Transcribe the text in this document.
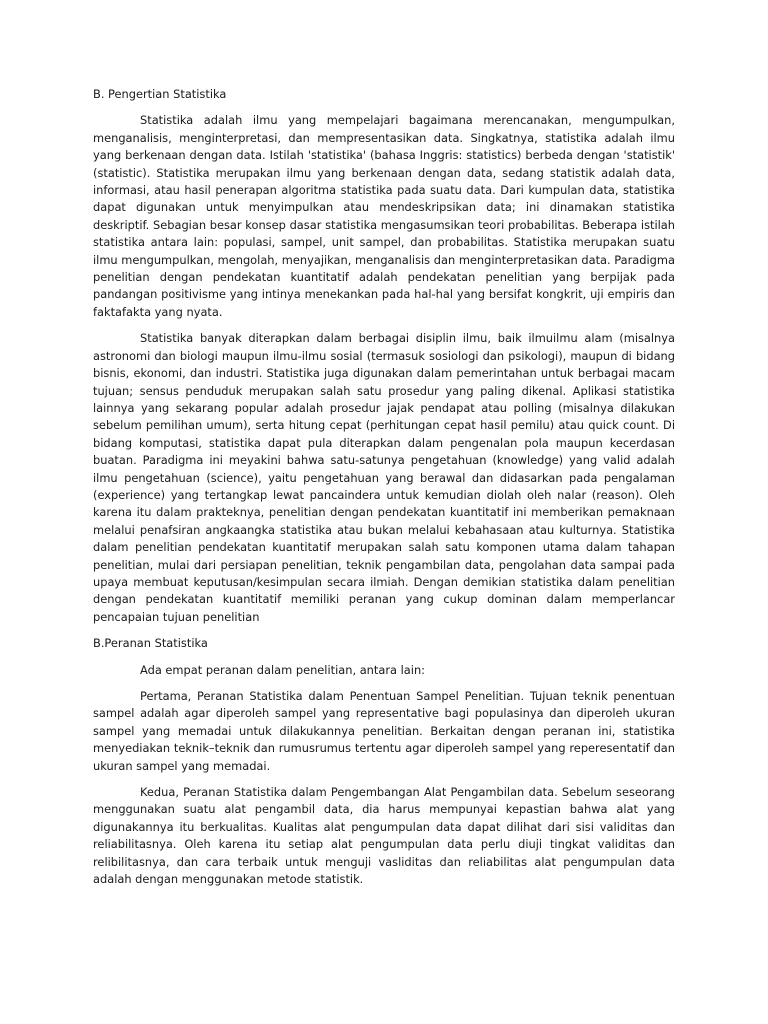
B. Pengertian Statistika

Statistika adalah ilmu yang mempelajari bagaimana merencanakan, mengumpulkan, menganalisis, menginterpretasi, dan mempresentasikan data. Singkatnya, statistika adalah ilmu yang berkenaan dengan data. Istilah 'statistika' (bahasa Inggris: statistics) berbeda dengan 'statistik' (statistic). Statistika merupakan ilmu yang berkenaan dengan data, sedang statistik adalah data, informasi, atau hasil penerapan algoritma statistika pada suatu data. Dari kumpulan data, statistika dapat digunakan untuk menyimpulkan atau mendeskripsikan data; ini dinamakan statistika deskriptif. Sebagian besar konsep dasar statistika mengasumsikan teori probabilitas. Beberapa istilah statistika antara lain: populasi, sampel, unit sampel, dan probabilitas. Statistika merupakan suatu ilmu mengumpulkan, mengolah, menyajikan, menganalisis dan menginterpretasikan data. Paradigma penelitian dengan pendekatan kuantitatif adalah pendekatan penelitian yang berpijak pada pandangan positivisme yang intinya menekankan pada hal-hal yang bersifat kongkrit, uji empiris dan faktafakta yang nyata.

Statistika banyak diterapkan dalam berbagai disiplin ilmu, baik ilmuilmu alam (misalnya astronomi dan biologi maupun ilmu-ilmu sosial (termasuk sosiologi dan psikologi), maupun di bidang bisnis, ekonomi, dan industri. Statistika juga digunakan dalam pemerintahan untuk berbagai macam tujuan; sensus penduduk merupakan salah satu prosedur yang paling dikenal. Aplikasi statistika lainnya yang sekarang popular adalah prosedur jajak pendapat atau polling (misalnya dilakukan sebelum pemilihan umum), serta hitung cepat (perhitungan cepat hasil pemilu) atau quick count. Di bidang komputasi, statistika dapat pula diterapkan dalam pengenalan pola maupun kecerdasan buatan. Paradigma ini meyakini bahwa satu-satunya pengetahuan (knowledge) yang valid adalah ilmu pengetahuan (science), yaitu pengetahuan yang berawal dan didasarkan pada pengalaman (experience) yang tertangkap lewat pancaindera untuk kemudian diolah oleh nalar (reason). Oleh karena itu dalam prakteknya, penelitian dengan pendekatan kuantitatif ini memberikan pemaknaan melalui penafsiran angkaangka statistika atau bukan melalui kebahasaan atau kulturnya. Statistika dalam penelitian pendekatan kuantitatif merupakan salah satu komponen utama dalam tahapan penelitian, mulai dari persiapan penelitian, teknik pengambilan data, pengolahan data sampai pada upaya membuat keputusan/kesimpulan secara ilmiah. Dengan demikian statistika dalam penelitian dengan pendekatan kuantitatif memiliki peranan yang cukup dominan dalam memperlancar pencapaian tujuan penelitian

B.Peranan Statistika

Ada empat peranan dalam penelitian, antara lain:

Pertama, Peranan Statistika dalam Penentuan Sampel Penelitian. Tujuan teknik penentuan sampel adalah agar diperoleh sampel yang representative bagi populasinya dan diperoleh ukuran sampel yang memadai untuk dilakukannya penelitian. Berkaitan dengan peranan ini, statistika menyediakan teknik–teknik dan rumusrumus tertentu agar diperoleh sampel yang reperesentatif dan ukuran sampel yang memadai.

Kedua, Peranan Statistika dalam Pengembangan Alat Pengambilan data. Sebelum seseorang menggunakan suatu alat pengambil data, dia harus mempunyai kepastian bahwa alat yang digunakannya itu berkualitas. Kualitas alat pengumpulan data dapat dilihat dari sisi validitas dan reliabilitasnya. Oleh karena itu setiap alat pengumpulan data perlu diuji tingkat validitas dan relibilitasnya, dan cara terbaik untuk menguji vasliditas dan reliabilitas alat pengumpulan data adalah dengan menggunakan metode statistik.
